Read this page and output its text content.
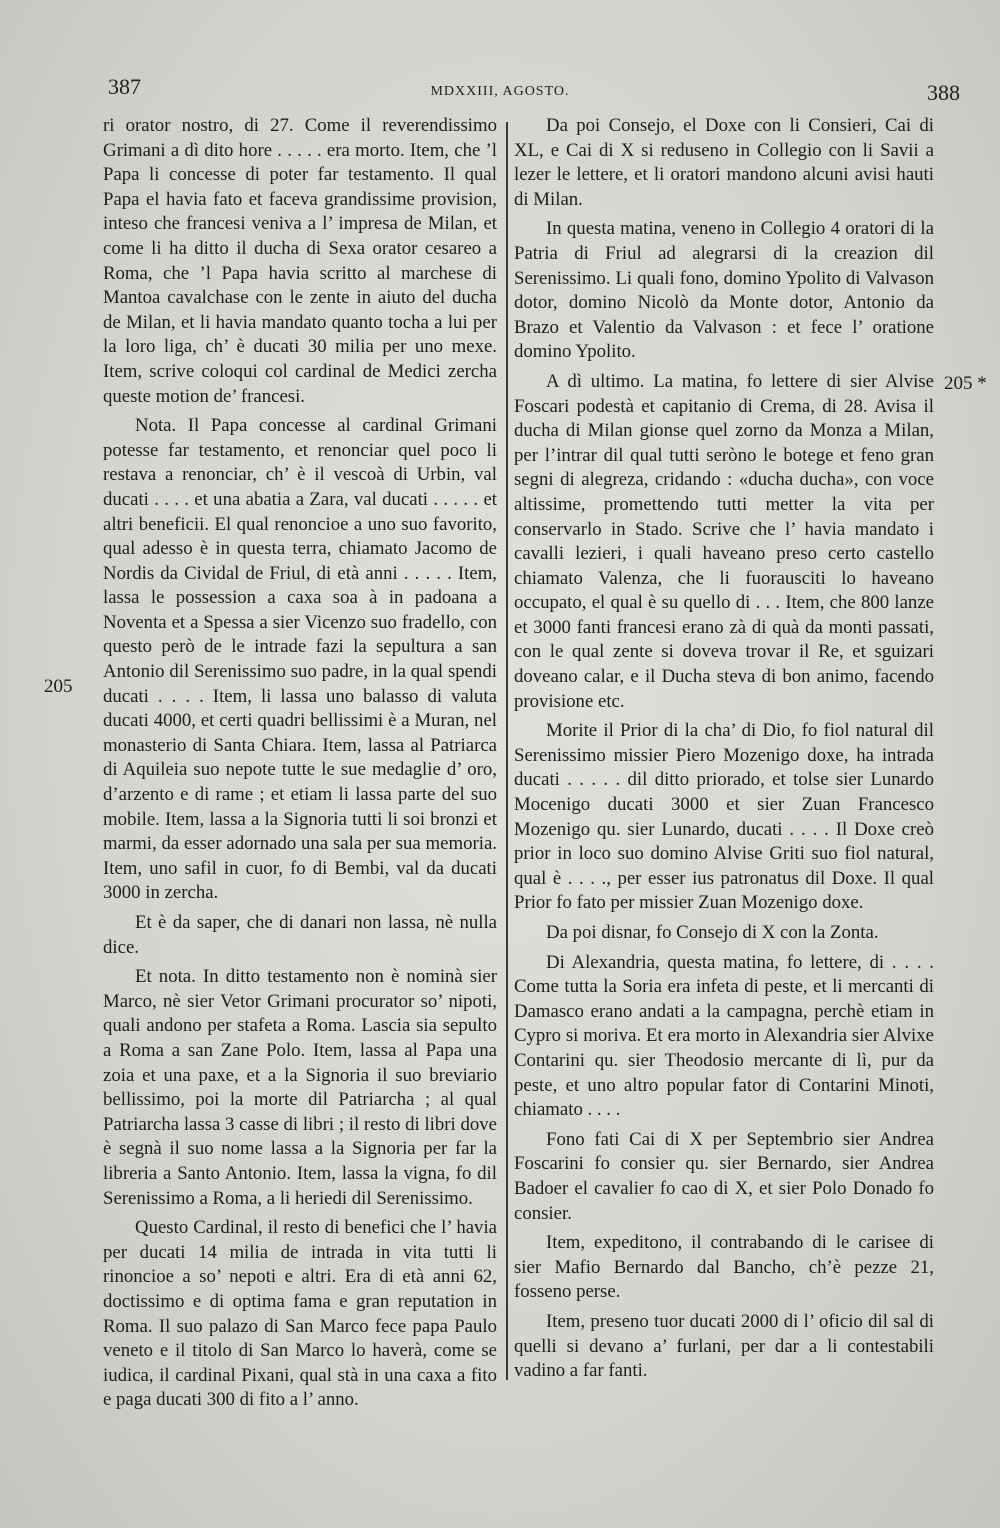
387	MDXXIII, AGOSTO.	388

ri orator nostro, di 27. Come il reverendissimo Grimani a dì dito hore . . . . . era morto. Item, che ’l Papa li concesse di poter far testamento. Il qual Papa el havia fato et faceva grandissime provision, inteso che francesi veniva a l’ impresa de Milan, et come li ha ditto il ducha di Sexa orator cesareo a Roma, che ’l Papa havia scritto al marchese di Mantoa cavalchase con le zente in aiuto del ducha de Milan, et li havia mandato quanto tocha a lui per la loro liga, ch’ è ducati 30 milia per uno mexe. Item, scrive coloqui col cardinal de Medici zercha queste motion de’ francesi.

Nota. Il Papa concesse al cardinal Grimani potesse far testamento, et renonciar quel poco li restava a renonciar, ch’ è il vescoà di Urbin, val ducati . . . . et una abatia a Zara, val ducati . . . . . et altri beneficii. El qual renoncioe a uno suo favorito, qual adesso è in questa terra, chiamato Jacomo de Nordis da Cividal de Friul, di età anni . . . . . Item, lassa le possession a caxa soa à in padoana a Noventa et a Spessa a sier Vicenzo suo fradello, con questo però de le intrade fazi la sepultura a san Antonio dil Serenissimo suo padre, in la qual spendi ducati . . . . Item, li lassa uno balasso di valuta ducati 4000, et certi quadri bellissimi è a Muran, nel monasterio di Santa Chiara. Item, lassa al Patriarca di Aquileia suo nepote tutte le sue medaglie d’ oro, d’arzento e di rame ; et etiam li lassa parte del suo mobile. Item, lassa a la Signoria tutti li soi bronzi et marmi, da esser adornado una sala per sua memoria. Item, uno safil in cuor, fo di Bembi, val da ducati 3000 in zercha.

Et è da saper, che di danari non lassa, nè nulla dice.

Et nota. In ditto testamento non è nominà sier Marco, nè sier Vetor Grimani procurator so’ nipoti, quali andono per stafeta a Roma. Lascia sia sepulto a Roma a san Zane Polo. Item, lassa al Papa una zoia et una paxe, et a la Signoria il suo breviario bellissimo, poi la morte dil Patriarcha ; al qual Patriarcha lassa 3 casse di libri ; il resto di libri dove è segnà il suo nome lassa a la Signoria per far la libreria a Santo Antonio. Item, lassa la vigna, fo dil Serenissimo a Roma, a li heriedi dil Serenissimo.

Questo Cardinal, il resto di benefici che l’ havia per ducati 14 milia de intrada in vita tutti li rinoncioe a so’ nepoti e altri. Era di età anni 62, doctissimo e di optima fama e gran reputation in Roma. Il suo palazo di San Marco fece papa Paulo veneto e il titolo di San Marco lo haverà, come se iudica, il cardinal Pixani, qual stà in una caxa a fito e paga ducati 300 di fito a l’ anno.

Da poi Consejo, el Doxe con li Consieri, Cai di XL, e Cai di X si reduseno in Collegio con li Savii a lezer le lettere, et li oratori mandono alcuni avisi hauti di Milan.

In questa matina, veneno in Collegio 4 oratori di la Patria di Friul ad alegrarsi di la creazion dil Serenissimo. Li quali fono, domino Ypolito di Valvason dotor, domino Nicolò da Monte dotor, Antonio da Brazo et Valentio da Valvason : et fece l’ oratione domino Ypolito.

A dì ultimo. La matina, fo lettere di sier Alvise Foscari podestà et capitanio di Crema, di 28. Avisa il ducha di Milan gionse quel zorno da Monza a Milan, per l’intrar dil qual tutti seròno le botege et feno gran segni di alegreza, cridando : «ducha ducha», con voce altissime, promettendo tutti metter la vita per conservarlo in Stado. Scrive che l’ havia mandato i cavalli lezieri, i quali haveano preso certo castello chiamato Valenza, che li fuorausciti lo haveano occupato, el qual è su quello di . . . Item, che 800 lanze et 3000 fanti francesi erano zà di quà da monti passati, con le qual zente si doveva trovar il Re, et sguizari doveano calar, e il Ducha steva di bon animo, facendo provisione etc.

Morite il Prior di la cha’ di Dio, fo fiol natural dil Serenissimo missier Piero Mozenigo doxe, ha intrada ducati . . . . . dil ditto priorado, et tolse sier Lunardo Mocenigo ducati 3000 et sier Zuan Francesco Mozenigo qu. sier Lunardo, ducati . . . . Il Doxe creò prior in loco suo domino Alvise Griti suo fiol natural, qual è . . . ., per esser ius patronatus dil Doxe. Il qual Prior fo fato per missier Zuan Mozenigo doxe.

Da poi disnar, fo Consejo di X con la Zonta.

Di Alexandria, questa matina, fo lettere, di . . . . Come tutta la Soria era infeta di peste, et li mercanti di Damasco erano andati a la campagna, perchè etiam in Cypro si moriva. Et era morto in Alexandria sier Alvixe Contarini qu. sier Theodosio mercante di lì, pur da peste, et uno altro popular fator di Contarini Minoti, chiamato . . . .

Fono fati Cai di X per Septembrio sier Andrea Foscarini fo consier qu. sier Bernardo, sier Andrea Badoer el cavalier fo cao di X, et sier Polo Donado fo consier.

Item, expeditono, il contrabando di le carisee di sier Mafio Bernardo dal Bancho, ch’è pezze 21, fosseno perse.

Item, preseno tuor ducati 2000 di l’ oficio dil sal di quelli si devano a’ furlani, per dar a li contestabili vadino a far fanti.

205
205 *
